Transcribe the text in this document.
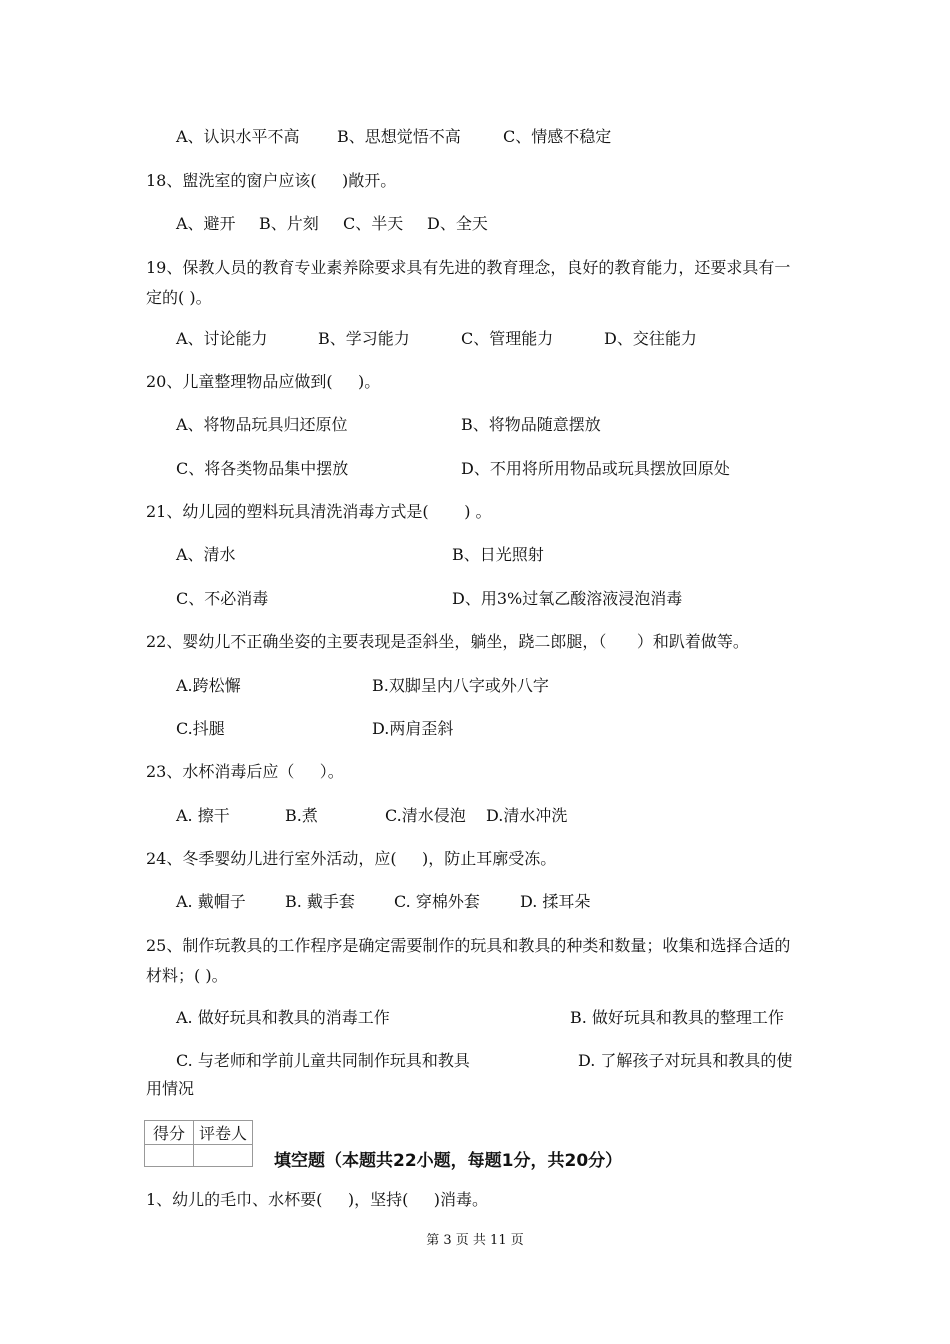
A、认识水平不高 B、思想觉悟不高	C、情感不稳定
18、盥洗室的窗户应该(     )敞开。
A、避开 B、片刻 C、半天 D、全天
19、保教人员的教育专业素养除要求具有先进的教育理念，良好的教育能力，还要求具有一定的( )。
A、讨论能力	B、学习能力	C、管理能力	D、交往能力
20、儿童整理物品应做到(     )。
A、将物品玩具归还原位	B、将物品随意摆放
C、将各类物品集中摆放	D、不用将所用物品或玩具摆放回原处
21、幼儿园的塑料玩具清洗消毒方式是(       ) 。
A、清水	B、日光照射
C、不必消毒	D、用3%过氧乙酸溶液浸泡消毒
22、婴幼儿不正确坐姿的主要表现是歪斜坐，躺坐，跷二郎腿，（      ）和趴着做等。
A.跨松懈	B.双脚呈内八字或外八字
C.抖腿	D.两肩歪斜
23、水杯消毒后应（     ）。
A. 擦干	B.煮	C.清水侵泡 D.清水冲洗
24、冬季婴幼儿进行室外活动，应(     )，防止耳廓受冻。
A. 戴帽子 B. 戴手套 C. 穿棉外套	D. 揉耳朵
25、制作玩教具的工作程序是确定需要制作的玩具和教具的种类和数量；收集和选择合适的材料；( )。
A. 做好玩具和教具的消毒工作	B. 做好玩具和教具的整理工作
C. 与老师和学前儿童共同制作玩具和教具	D. 了解孩子对玩具和教具的使
用情况
得分	评卷人

填空题（本题共22小题，每题1分，共20分）
1、幼儿的毛巾、水杯要(     )，坚持(     )消毒。
第 3 页 共 11 页
